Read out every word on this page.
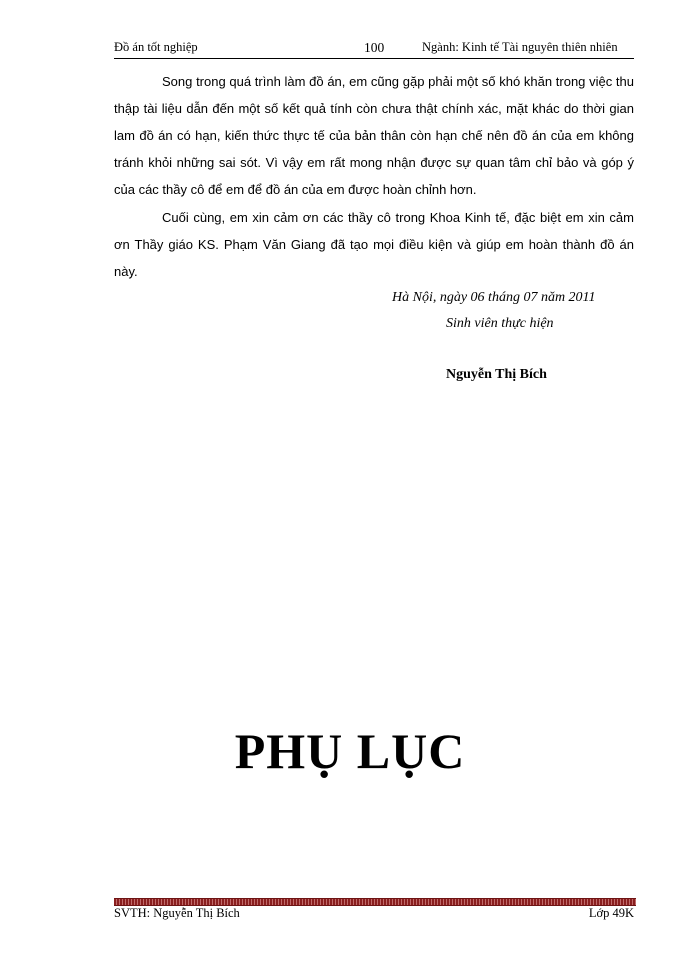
Đồ án tốt nghiệp	100	Ngành: Kinh tế Tài nguyên thiên nhiên

Song trong quá trình làm đồ án, em cũng gặp phải một số khó khăn trong việc thu thập tài liệu dẫn đến một số kết quả tính còn chưa thật chính xác, mặt khác do thời gian lam đồ án có hạn, kiến thức thực tế của bản thân còn hạn chế nên đồ án của em không tránh khỏi những sai sót. Vì vậy em rất mong nhận được sự quan tâm chỉ bảo và góp ý của các thầy cô để em để đồ án của em được hoàn chỉnh hơn.

Cuối cùng, em xin cảm ơn các thầy cô trong Khoa Kinh tế, đặc biệt em xin cảm ơn Thầy giáo KS. Phạm Văn Giang đã tạo mọi điều kiện và giúp em hoàn thành đồ án này.

Hà Nội, ngày 06 tháng 07 năm 2011
Sinh viên thực hiện
Nguyễn Thị Bích
PHỤ LỤC
SVTH: Nguyễn Thị Bích	Lớp 49K
